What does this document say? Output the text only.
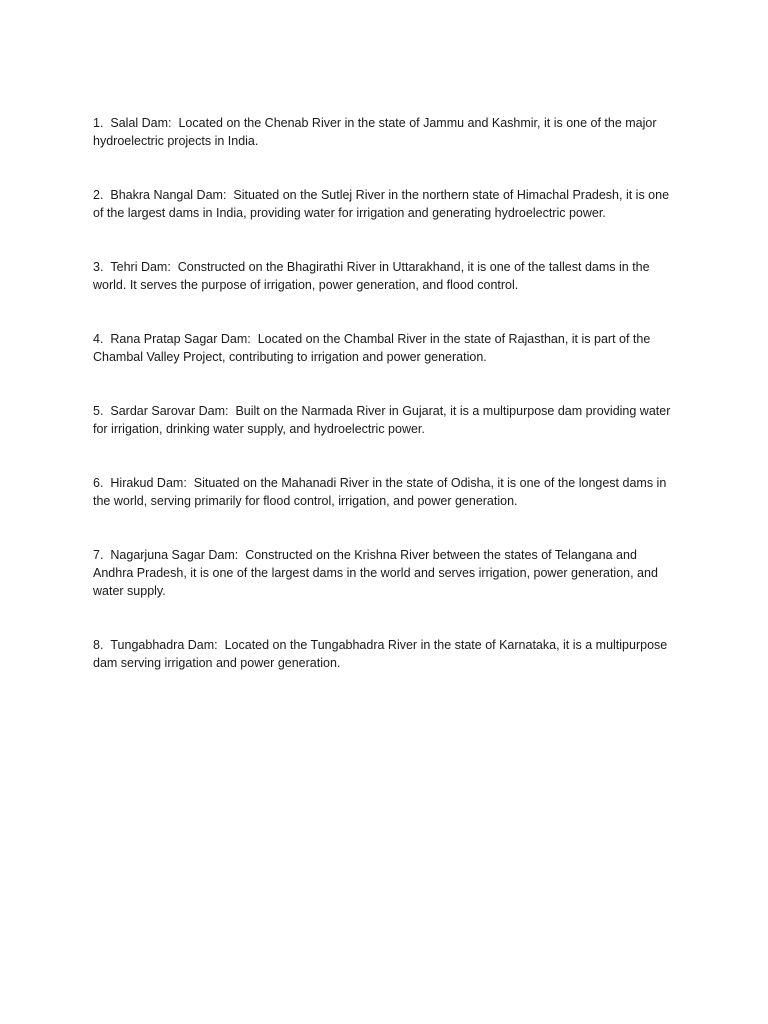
1. Salal Dam: Located on the Chenab River in the state of Jammu and Kashmir, it is one of the major hydroelectric projects in India.

2. Bhakra Nangal Dam: Situated on the Sutlej River in the northern state of Himachal Pradesh, it is one of the largest dams in India, providing water for irrigation and generating hydroelectric power.

3. Tehri Dam: Constructed on the Bhagirathi River in Uttarakhand, it is one of the tallest dams in the world. It serves the purpose of irrigation, power generation, and flood control.

4. Rana Pratap Sagar Dam: Located on the Chambal River in the state of Rajasthan, it is part of the Chambal Valley Project, contributing to irrigation and power generation.

5. Sardar Sarovar Dam: Built on the Narmada River in Gujarat, it is a multipurpose dam providing water for irrigation, drinking water supply, and hydroelectric power.

6. Hirakud Dam: Situated on the Mahanadi River in the state of Odisha, it is one of the longest dams in the world, serving primarily for flood control, irrigation, and power generation.

7. Nagarjuna Sagar Dam: Constructed on the Krishna River between the states of Telangana and Andhra Pradesh, it is one of the largest dams in the world and serves irrigation, power generation, and water supply.

8. Tungabhadra Dam: Located on the Tungabhadra River in the state of Karnataka, it is a multipurpose dam serving irrigation and power generation.
